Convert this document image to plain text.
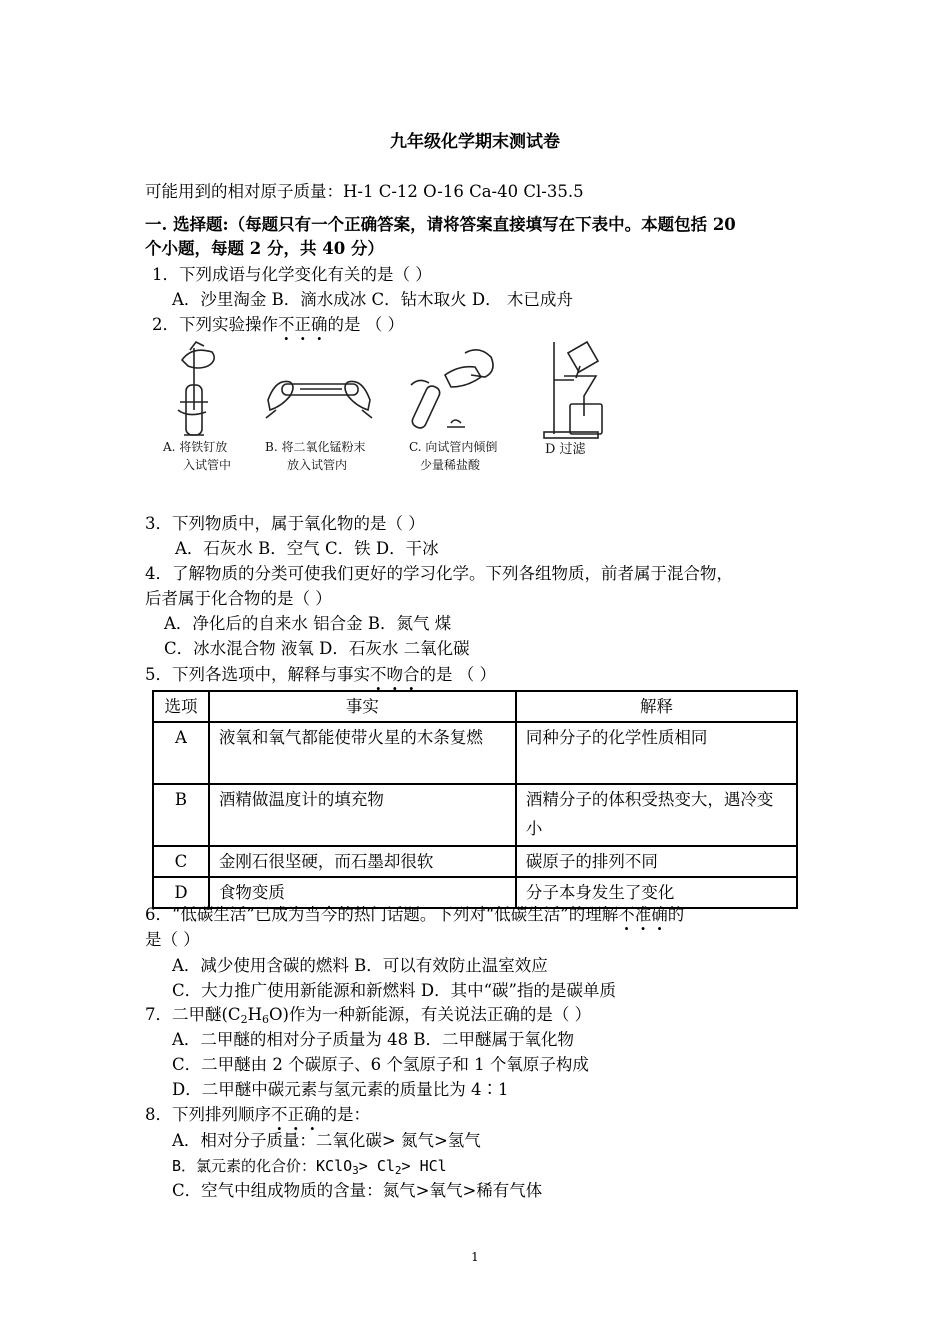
九年级化学期末测试卷
可能用到的相对原子质量：H-1 C-12 O-16 Ca-40 Cl-35.5
一. 选择题:（每题只有一个正确答案，请将答案直接填写在下表中。本题包括 20
个小题，每题 2 分，共 40 分）
1．下列成语与化学变化有关的是（ ）
A．沙里淘金 B．滴水成冰 C．钻木取火 D． 木已成舟
2．下列实验操作不正确的是 （ ）
A. 将铁钉放
入试管中
B. 将二氧化锰粉末
放入试管内
C. 向试管内倾倒
少量稀盐酸
D 过滤
3．下列物质中，属于氧化物的是（ ）
A．石灰水 B．空气 C．铁 D．干冰
4．了解物质的分类可使我们更好的学习化学。下列各组物质，前者属于混合物，
后者属于化合物的是（ ）
A．净化后的自来水 铝合金 B．氮气 煤
C．冰水混合物 液氧 D．石灰水 二氧化碳
5．下列各选项中，解释与事实不吻合的是 （ ）
选项	事实	解释
A	液氧和氧气都能使带火星的木条复燃	同种分子的化学性质相同
B	酒精做温度计的填充物	酒精分子的体积受热变大，遇冷变小
C	金刚石很坚硬，而石墨却很软	碳原子的排列不同
D	食物变质	分子本身发生了变化
6．“低碳生活”已成为当今的热门话题。下列对“低碳生活”的理解不准确的
是（ ）
A．减少使用含碳的燃料 B．可以有效防止温室效应
C．大力推广使用新能源和新燃料 D．其中“碳”指的是碳单质
7．二甲醚$(C_2H_6O)$作为一种新能源，有关说法正确的是（ ）
A．二甲醚的相对分子质量为 48 B．二甲醚属于氧化物
C．二甲醚由 2 个碳原子、6 个氢原子和 1 个氧原子构成
D．二甲醚中碳元素与氢元素的质量比为 4∶1
8．下列排列顺序不正确的是：
A．相对分子质量：二氧化碳> 氮气>氢气
B．氯元素的化合价：KClO$_3$> $Cl_2>$ HCl
C．空气中组成物质的含量：氮气>氧气>稀有气体
1
